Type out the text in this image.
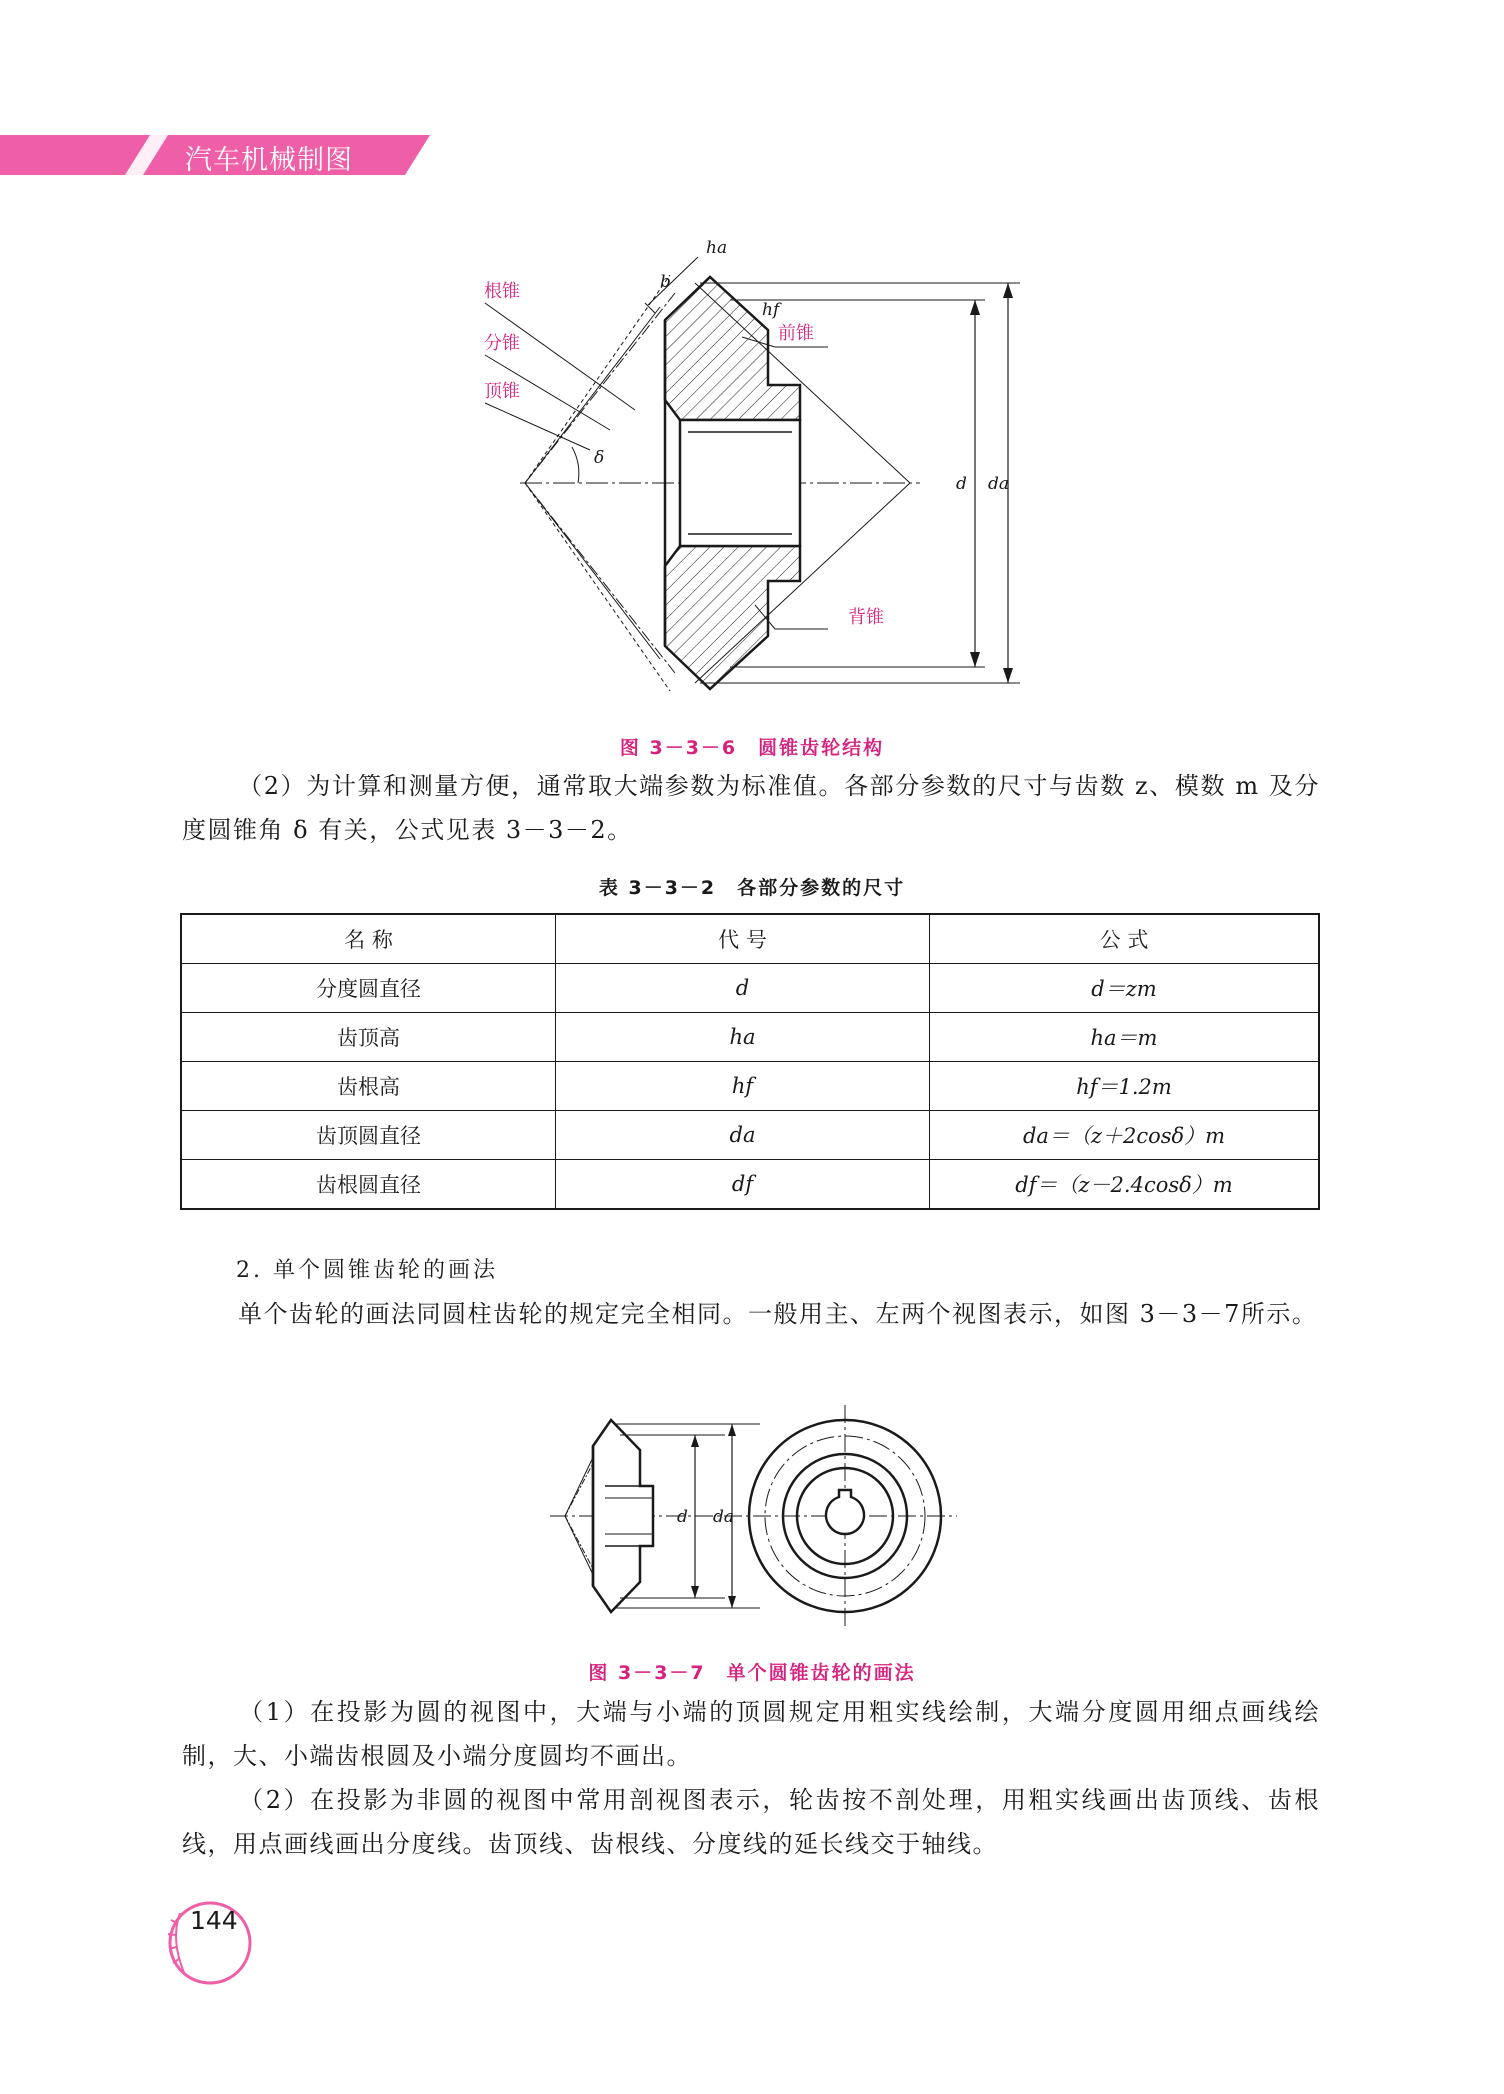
汽车机械制图
根锥
分锥
顶锥
前锥
背锥
b
ha
hf
δ
d da
图 3－3－6　圆锥齿轮结构

（2）为计算和测量方便，通常取大端参数为标准值。各部分参数的尺寸与齿数 z、模数 m 及分度圆锥角 δ 有关，公式见表 3－3－2。

表 3－3－2　各部分参数的尺寸
名 称	代 号	公 式
分度圆直径	d	d＝zm
齿顶高	ha	ha＝m
齿根高	hf	hf＝1.2m
齿顶圆直径	da	da＝（z＋2cosδ）m
齿根圆直径	df	df＝（z－2.4cosδ）m
2. 单个圆锥齿轮的画法

单个齿轮的画法同圆柱齿轮的规定完全相同。一般用主、左两个视图表示，如图 3－3－7所示。

d da
图 3－3－7　单个圆锥齿轮的画法

（1）在投影为圆的视图中，大端与小端的顶圆规定用粗实线绘制，大端分度圆用细点画线绘制，大、小端齿根圆及小端分度圆均不画出。

（2）在投影为非圆的视图中常用剖视图表示，轮齿按不剖处理，用粗实线画出齿顶线、齿根线，用点画线画出分度线。齿顶线、齿根线、分度线的延长线交于轴线。

144
